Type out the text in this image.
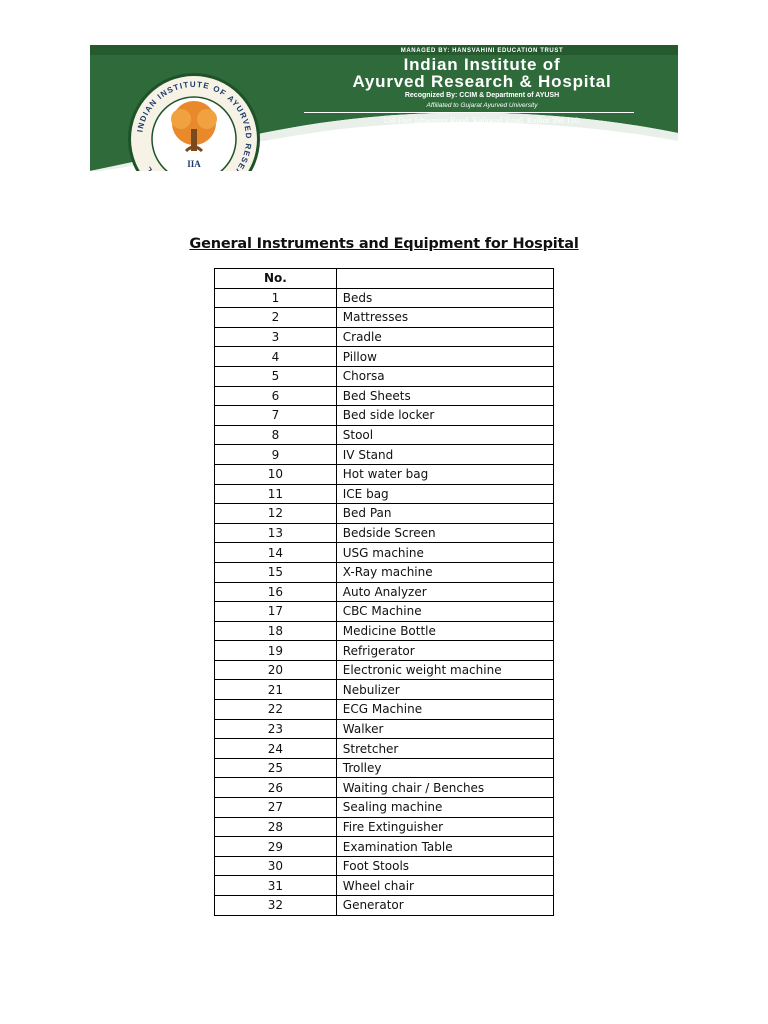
INDIAN INSTITUTE OF AYURVED RESEARCH AND HOSPITAL
IIA
MANAGED BY: HANSVAHINI EDUCATION TRUST
Indian Institute of
Ayurved Research & Hospital
Recognized By: CCIM & Department of AYUSH
Affiliated to Gujarat Ayurved University
150 Feet Ishwariya Road, Kalawad Road, Rajkot 360 110.
General Instruments and Equipment for Hospital
No.	
1	Beds
2	Mattresses
3	Cradle
4	Pillow
5	Chorsa
6	Bed Sheets
7	Bed side locker
8	Stool
9	IV Stand
10	Hot water bag
11	ICE bag
12	Bed Pan
13	Bedside Screen
14	USG machine
15	X-Ray machine
16	Auto Analyzer
17	CBC Machine
18	Medicine Bottle
19	Refrigerator
20	Electronic weight machine
21	Nebulizer
22	ECG Machine
23	Walker
24	Stretcher
25	Trolley
26	Waiting chair / Benches
27	Sealing machine
28	Fire Extinguisher
29	Examination Table
30	Foot Stools
31	Wheel chair
32	Generator
